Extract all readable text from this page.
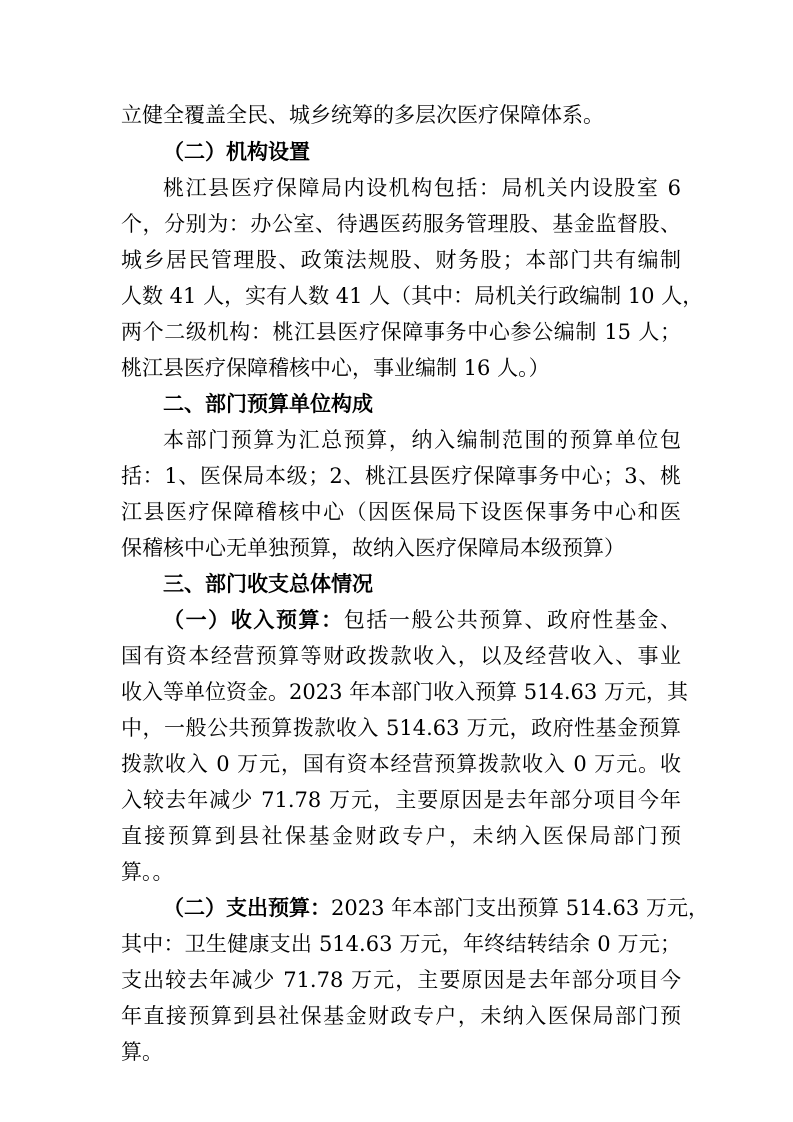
立健全覆盖全民、城乡统筹的多层次医疗保障体系。
（二）机构设置
桃江县医疗保障局内设机构包括：局机关内设股室 6
个，分别为：办公室、待遇医药服务管理股、基金监督股、
城乡居民管理股、政策法规股、财务股；本部门共有编制
人数 41 人，实有人数 41 人（其中：局机关行政编制 10 人，
两个二级机构：桃江县医疗保障事务中心参公编制 15 人；
桃江县医疗保障稽核中心，事业编制 16 人。）
二、部门预算单位构成
本部门预算为汇总预算，纳入编制范围的预算单位包
括：1、医保局本级；2、桃江县医疗保障事务中心；3、桃
江县医疗保障稽核中心（因医保局下设医保事务中心和医
保稽核中心无单独预算，故纳入医疗保障局本级预算）
三、部门收支总体情况
（一）收入预算：包括一般公共预算、政府性基金、
国有资本经营预算等财政拨款收入，以及经营收入、事业
收入等单位资金。2023 年本部门收入预算 514.63 万元，其
中，一般公共预算拨款收入 514.63 万元，政府性基金预算
拨款收入 0 万元，国有资本经营预算拨款收入 0 万元。收
入较去年减少 71.78 万元，主要原因是去年部分项目今年
直接预算到县社保基金财政专户，未纳入医保局部门预
算。。
（二）支出预算：2023 年本部门支出预算 514.63 万元，
其中：卫生健康支出 514.63 万元，年终结转结余 0 万元；
支出较去年减少 71.78 万元，主要原因是去年部分项目今
年直接预算到县社保基金财政专户，未纳入医保局部门预
算。
